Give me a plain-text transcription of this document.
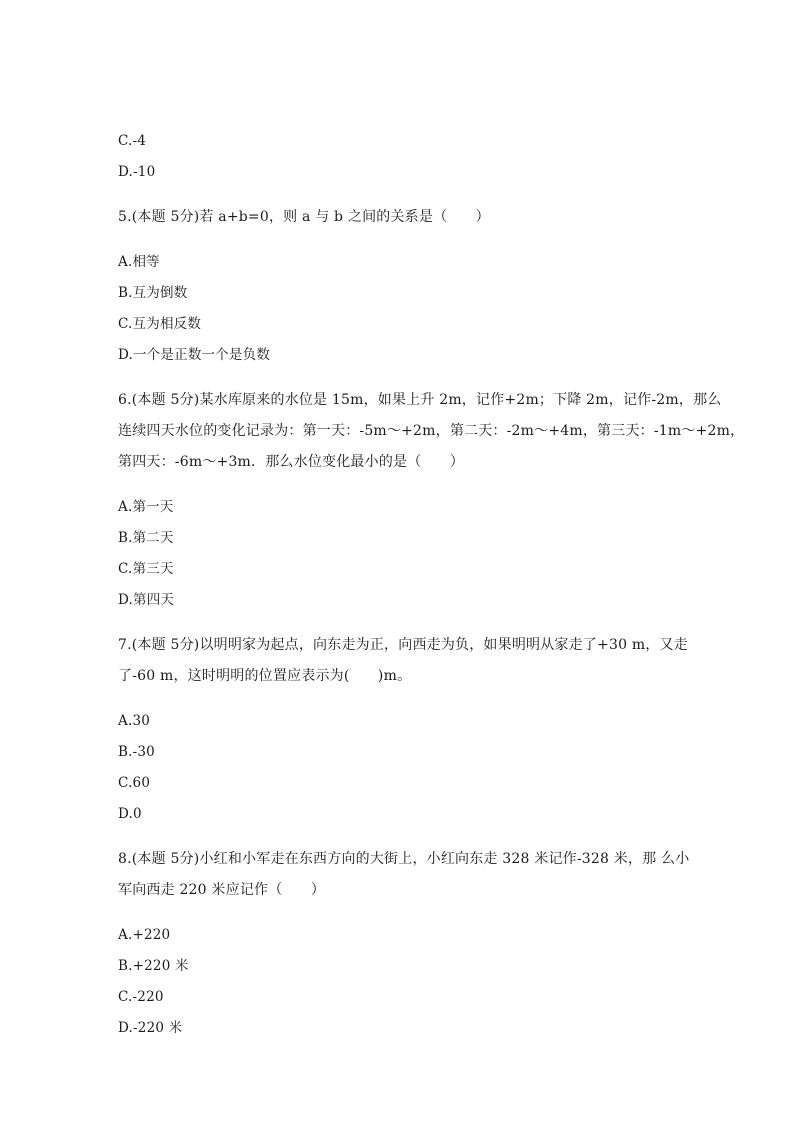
C.-4
D.-10
5.(本题 5分)若 a+b=0，则 a 与 b 之间的关系是（　　）
A.相等
B.互为倒数
C.互为相反数
D.一个是正数一个是负数
6.(本题 5分)某水库原来的水位是 15m，如果上升 2m，记作+2m；下降 2m，记作-2m，那么
连续四天水位的变化记录为：第一天：-5m～+2m，第二天：-2m～+4m，第三天：-1m～+2m，
第四天：-6m～+3m．那么水位变化最小的是（　　）
A.第一天
B.第二天
C.第三天
D.第四天
7.(本题 5分)以明明家为起点，向东走为正，向西走为负，如果明明从家走了+30 m，又走
了-60 m，这时明明的位置应表示为(　　)m。
A.30
B.-30
C.60
D.0
8.(本题 5分)小红和小军走在东西方向的大街上，小红向东走 328 米记作-328 米，那 么小
军向西走 220 米应记作（　　）
A.+220
B.+220 米
C.-220
D.-220 米
